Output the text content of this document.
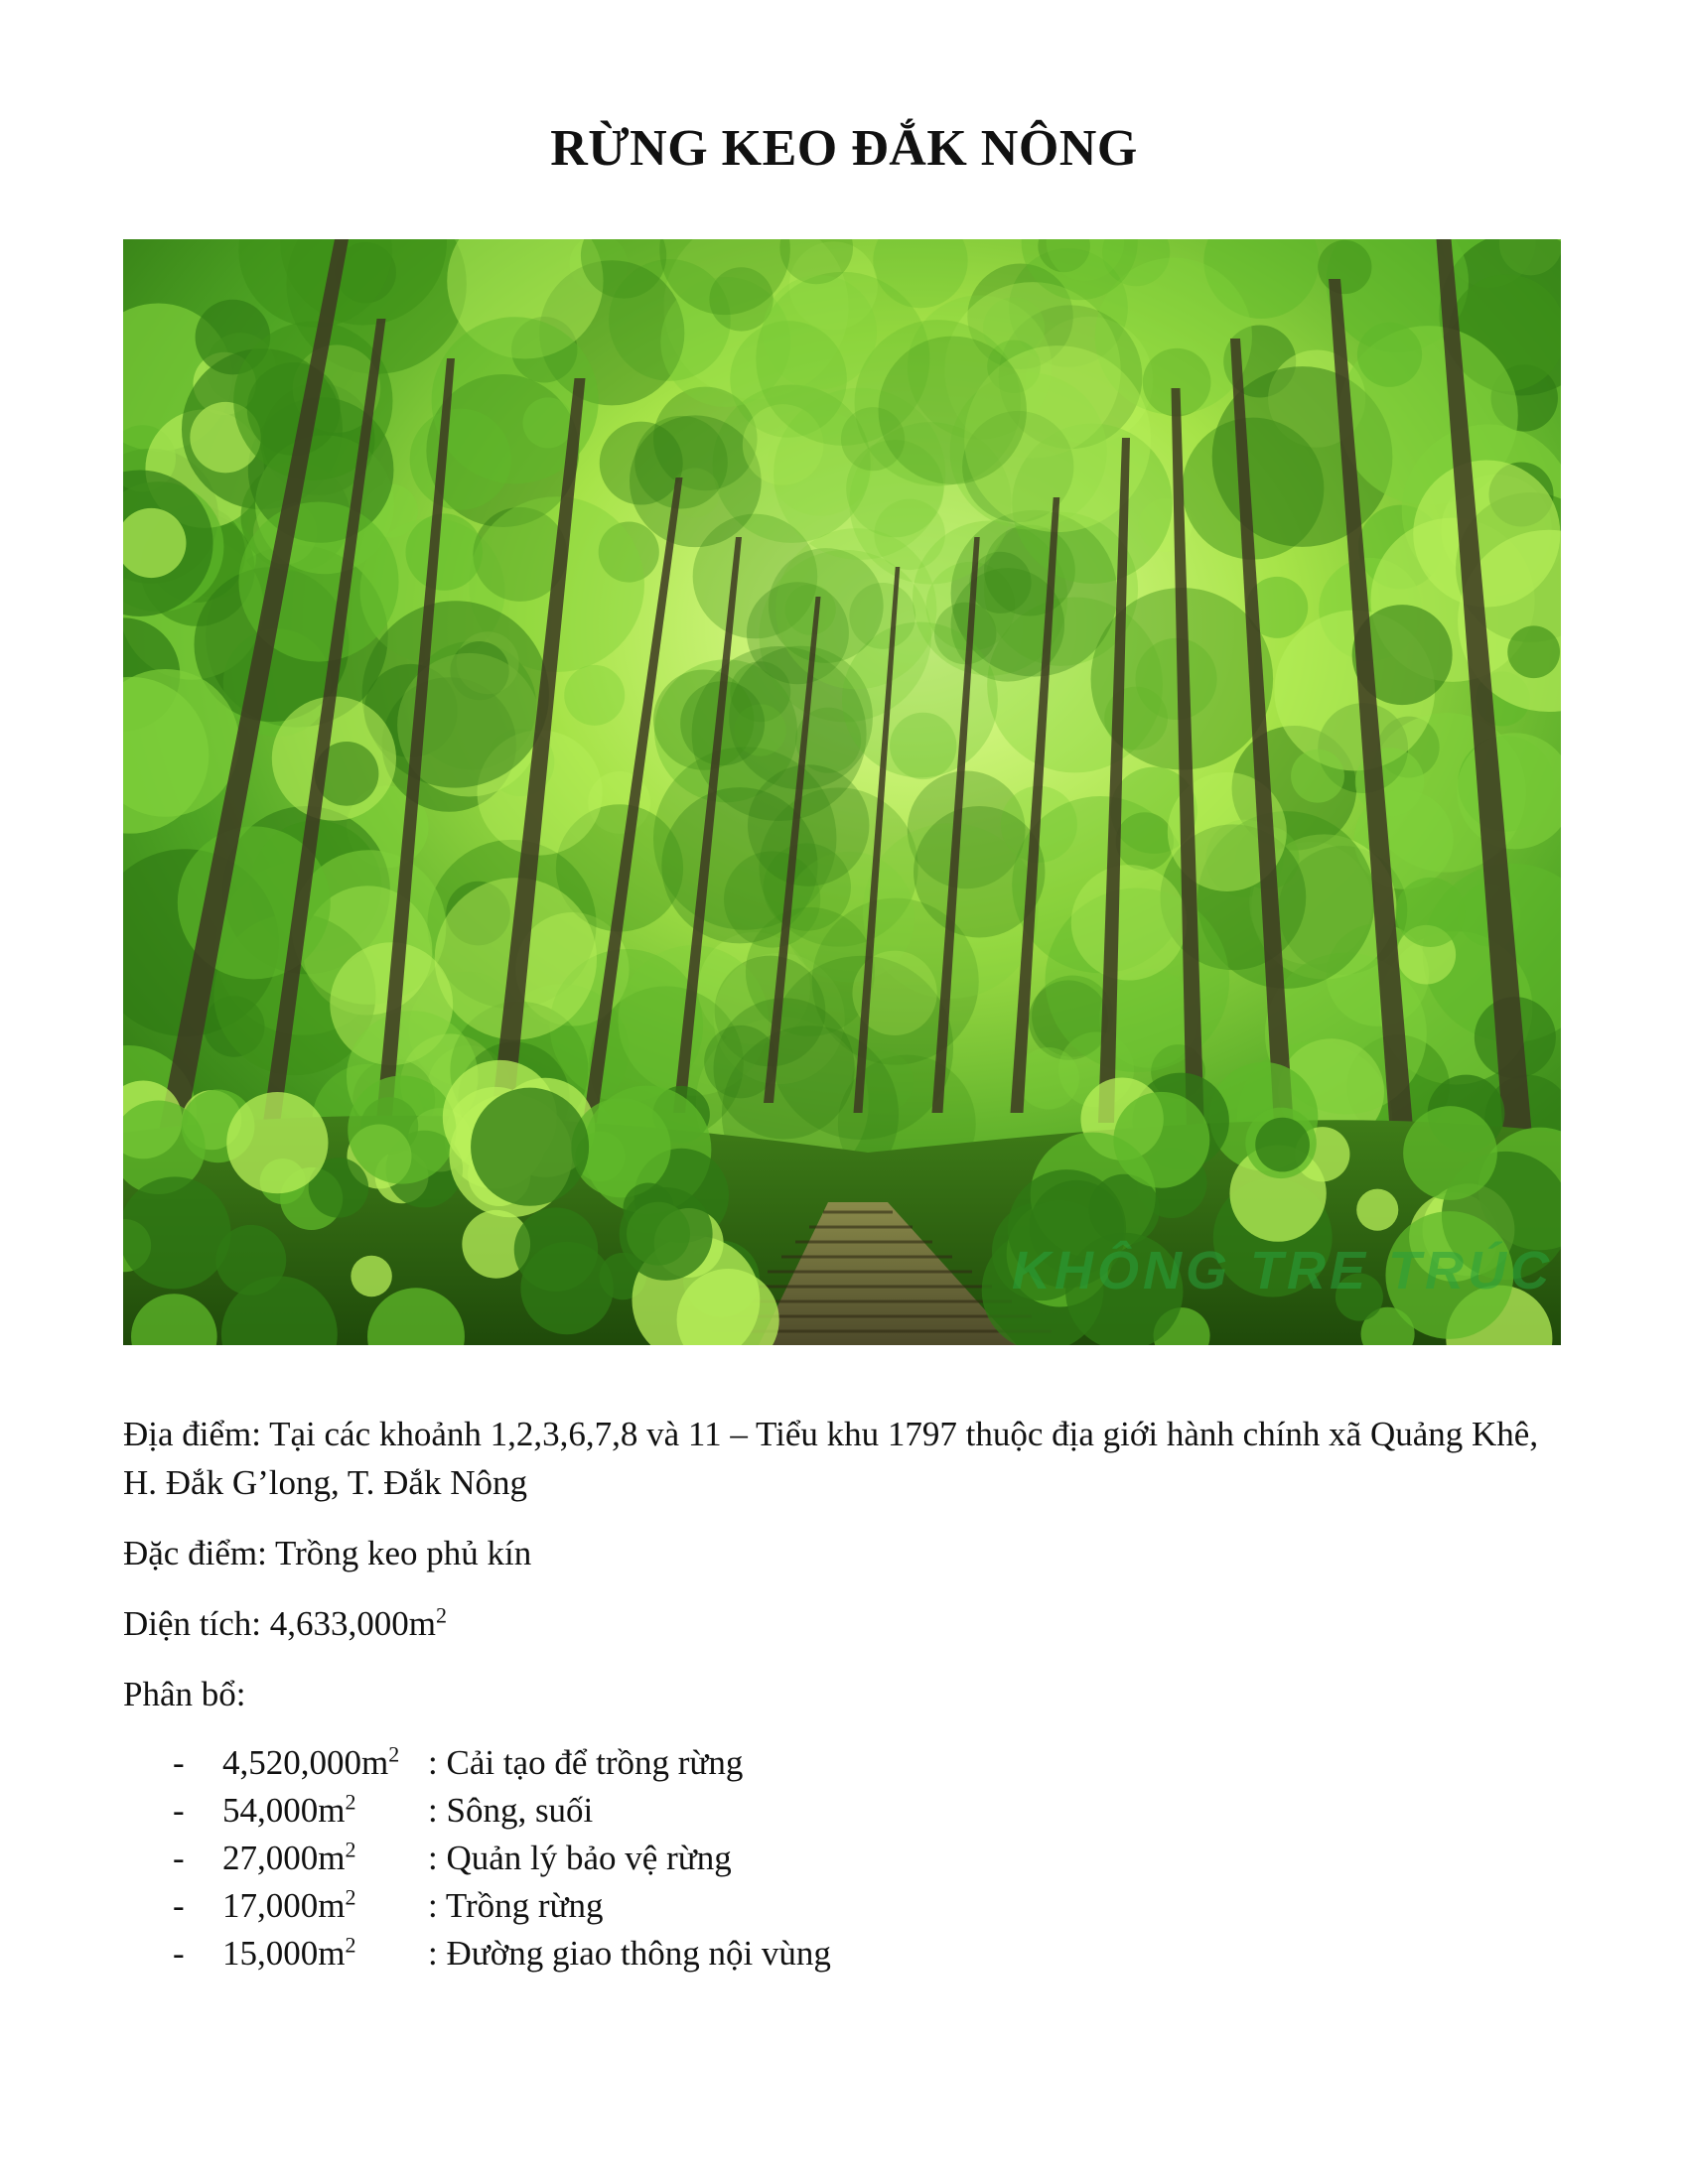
RỪNG KEO ĐẮK NÔNG
KHÔNG TRE TRÚC

Địa điểm: Tại các khoảnh 1,2,3,6,7,8 và 11 – Tiểu khu 1797 thuộc địa giới hành chính xã Quảng Khê, H. Đắk G’long, T. Đắk Nông

Đặc điểm: Trồng keo phủ kín

Diện tích: $4,633,000m^2$

Phân bổ:

- $4,520,000m^2$ : Cải tạo để trồng rừng
- $54,000m^2$ : Sông, suối
- $27,000m^2$ : Quản lý bảo vệ rừng
- $17,000m^2$ : Trồng rừng
- $15,000m^2$ : Đường giao thông nội vùng
